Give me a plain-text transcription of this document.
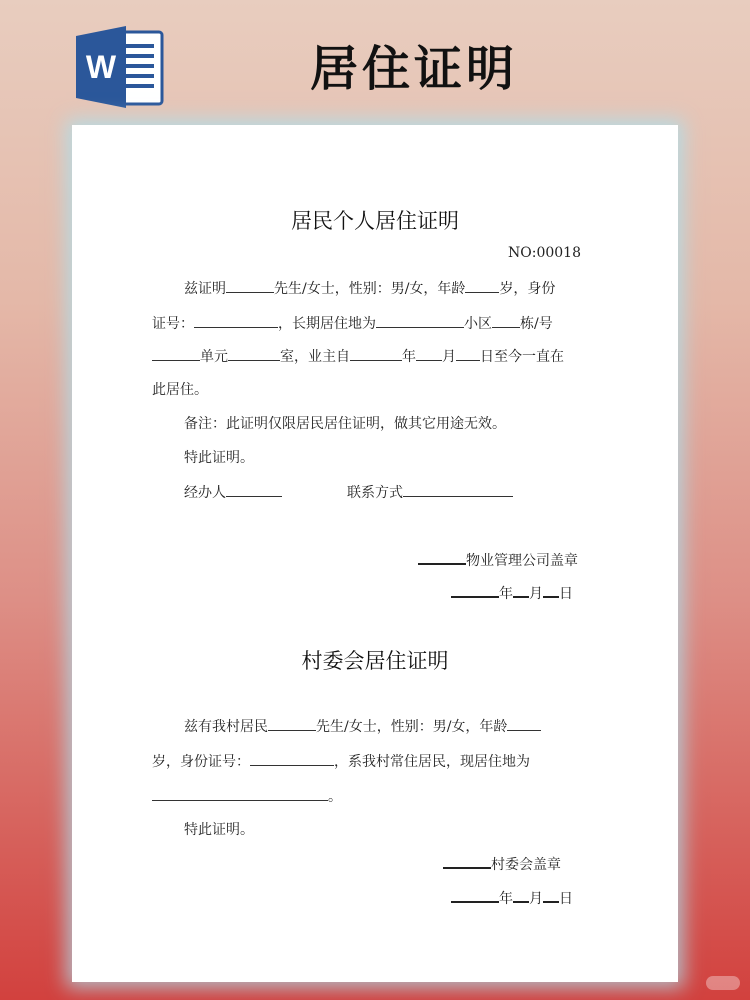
W	居住证明
居民个人居住证明
NO:00018
兹证明	先生/女士，性别：男/女，年龄 岁，身份
证号：	，长期居住地为	小区 栋/号
单元	室，业主自	年 月 日至今一直在
此居住。
备注：此证明仅限居民居住证明，做其它用途无效。
特此证明。
经办人	联系方式
物业管理公司盖章
年 月 日
村委会居住证明
兹有我村居民	先生/女士，性别：男/女，年龄
岁，身份证号：	，系我村常住居民，现居住地为
。
特此证明。
村委会盖章
年 月 日
